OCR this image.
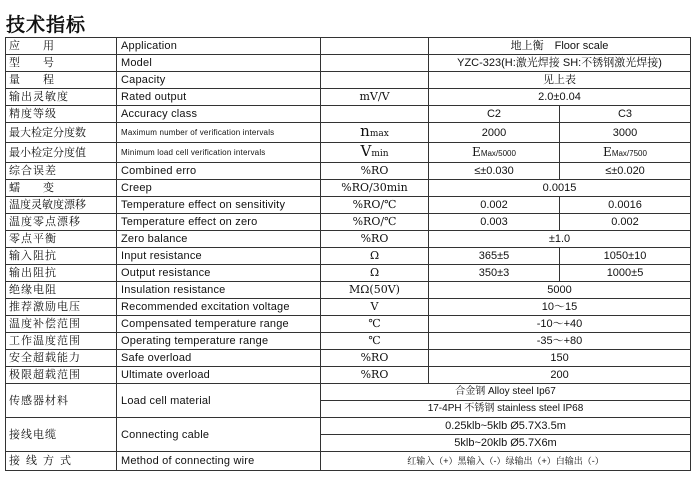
技术指标
应　用	Application		地上衡　Floor scale	
型　号	Model		YZC-323(H:激光焊接 SH:不锈钢激光焊接)	
量　程	Capacity		见上表	
输出灵敏度	Rated output	mV/V	2.0±0.04	
精度等级	Accuracy class		C2	C3
最大检定分度数	Maximum number of verification intervals	nmax	2000	3000
最小检定分度值	Minimum load cell verification intervals	Vmin	EMax/5000	EMax/7500
综合误差	Combined erro	%RO	≤±0.030	≤±0.020
蠕　变	Creep	%RO/30min	0.0015	
温度灵敏度漂移	Temperature effect on sensitivity	%RO/℃	0.002	0.0016
温度零点漂移	Temperature effect on zero	%RO/℃	0.003	0.002
零点平衡	Zero balance	%RO	±1.0	
输入阻抗	Input resistance	Ω	365±5	1050±10
输出阻抗	Output resistance	Ω	350±3	1000±5
绝缘电阻	Insulation resistance	MΩ(50V)	5000	
推荐激励电压	Recommended excitation voltage	V	10～15	
温度补偿范围	Compensated temperature range	℃	-10～+40	
工作温度范围	Operating temperature range	℃	-35～+80	
安全超载能力	Safe overload	%RO	150	
极限超载范围	Ultimate overload	%RO	200	
传感器材料	Load cell material	合金钢 Alloy steel Ip67		
		17-4PH 不锈钢 stainless steel IP68		
接线电缆	Connecting cable	0.25klb~5klb Ø5.7X3.5m		
		5klb~20klb Ø5.7X6m		
接线方式	Method of connecting wire	红输入（+）黑输入（-）绿输出（+）白输出（-）		
